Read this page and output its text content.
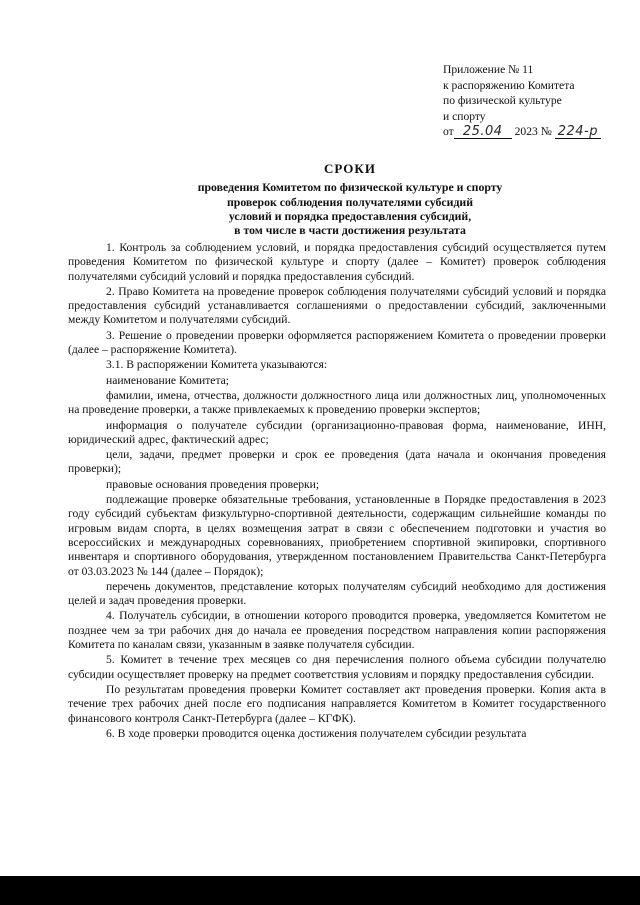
Приложение № 11
к распоряжению Комитета
по физической культуре
и спорту
от 25.04 2023 № 224-р
СРОКИ
проведения Комитетом по физической культуре и спорту
проверок соблюдения получателями субсидий
условий и порядка предоставления субсидий,
в том числе в части достижения результата

1. Контроль за соблюдением условий, и порядка предоставления субсидий осуществляется путем проведения Комитетом по физической культуре и спорту (далее – Комитет) проверок соблюдения получателями субсидий условий и порядка предоставления субсидий.

2. Право Комитета на проведение проверок соблюдения получателями субсидий условий и порядка предоставления субсидий устанавливается соглашениями о предоставлении субсидий, заключенными между Комитетом и получателями субсидий.

3. Решение о проведении проверки оформляется распоряжением Комитета о проведении проверки (далее – распоряжение Комитета).

3.1. В распоряжении Комитета указываются:

наименование Комитета;

фамилии, имена, отчества, должности должностного лица или должностных лиц, уполномоченных на проведение проверки, а также привлекаемых к проведению проверки экспертов;

информация о получателе субсидии (организационно-правовая форма, наименование, ИНН, юридический адрес, фактический адрес;

цели, задачи, предмет проверки и срок ее проведения (дата начала и окончания проведения проверки);

правовые основания проведения проверки;

подлежащие проверке обязательные требования, установленные в Порядке предоставления в 2023 году субсидий субъектам физкультурно-спортивной деятельности, содержащим сильнейшие команды по игровым видам спорта, в целях возмещения затрат в связи с обеспечением подготовки и участия во всероссийских и международных соревнованиях, приобретением спортивной экипировки, спортивного инвентаря и спортивного оборудования, утвержденном постановлением Правительства Санкт-Петербурга от 03.03.2023 № 144 (далее – Порядок);

перечень документов, представление которых получателям субсидий необходимо для достижения целей и задач проведения проверки.

4. Получатель субсидии, в отношении которого проводится проверка, уведомляется Комитетом не позднее чем за три рабочих дня до начала ее проведения посредством направления копии распоряжения Комитета по каналам связи, указанным в заявке получателя субсидии.

5. Комитет в течение трех месяцев со дня перечисления полного объема субсидии получателю субсидии осуществляет проверку на предмет соответствия условиям и порядку предоставления субсидии.

По результатам проведения проверки Комитет составляет акт проведения проверки. Копия акта в течение трех рабочих дней после его подписания направляется Комитетом в Комитет государственного финансового контроля Санкт-Петербурга (далее – КГФК).

6. В ходе проверки проводится оценка достижения получателем субсидии результата
